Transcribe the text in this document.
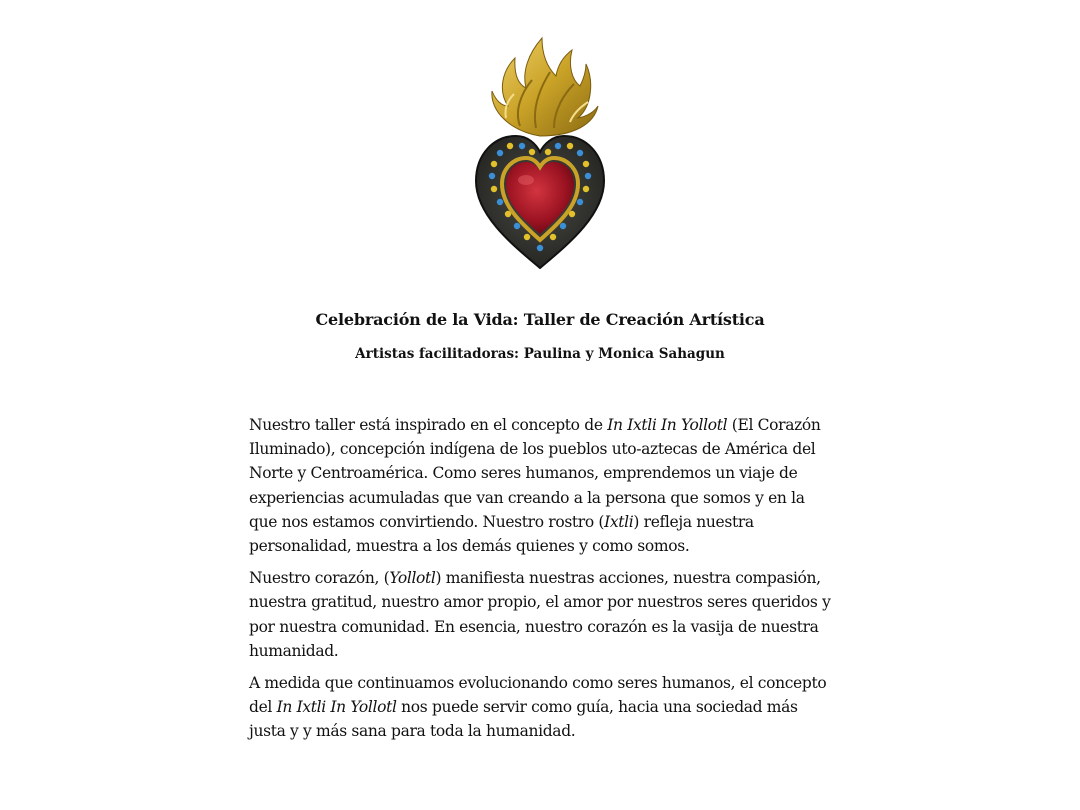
Celebración de la Vida: Taller de Creación Artística
Artistas facilitadoras: Paulina y Monica Sahagun

Nuestro taller está inspirado en el concepto de In Ixtli In Yollotl (El Corazón Iluminado), concepción indígena de los pueblos uto-aztecas de América del Norte y Centroamérica. Como seres humanos, emprendemos un viaje de experiencias acumuladas que van creando a la persona que somos y en la que nos estamos convirtiendo. Nuestro rostro (Ixtli) refleja nuestra personalidad, muestra a los demás quienes y como somos.

Nuestro corazón, (Yollotl) manifiesta nuestras acciones, nuestra compasión, nuestra gratitud, nuestro amor propio, el amor por nuestros seres queridos y por nuestra comunidad. En esencia, nuestro corazón es la vasija de nuestra humanidad.

A medida que continuamos evolucionando como seres humanos, el concepto del In Ixtli In Yollotl nos puede servir como guía, hacia una sociedad más justa y y más sana para toda la humanidad.
